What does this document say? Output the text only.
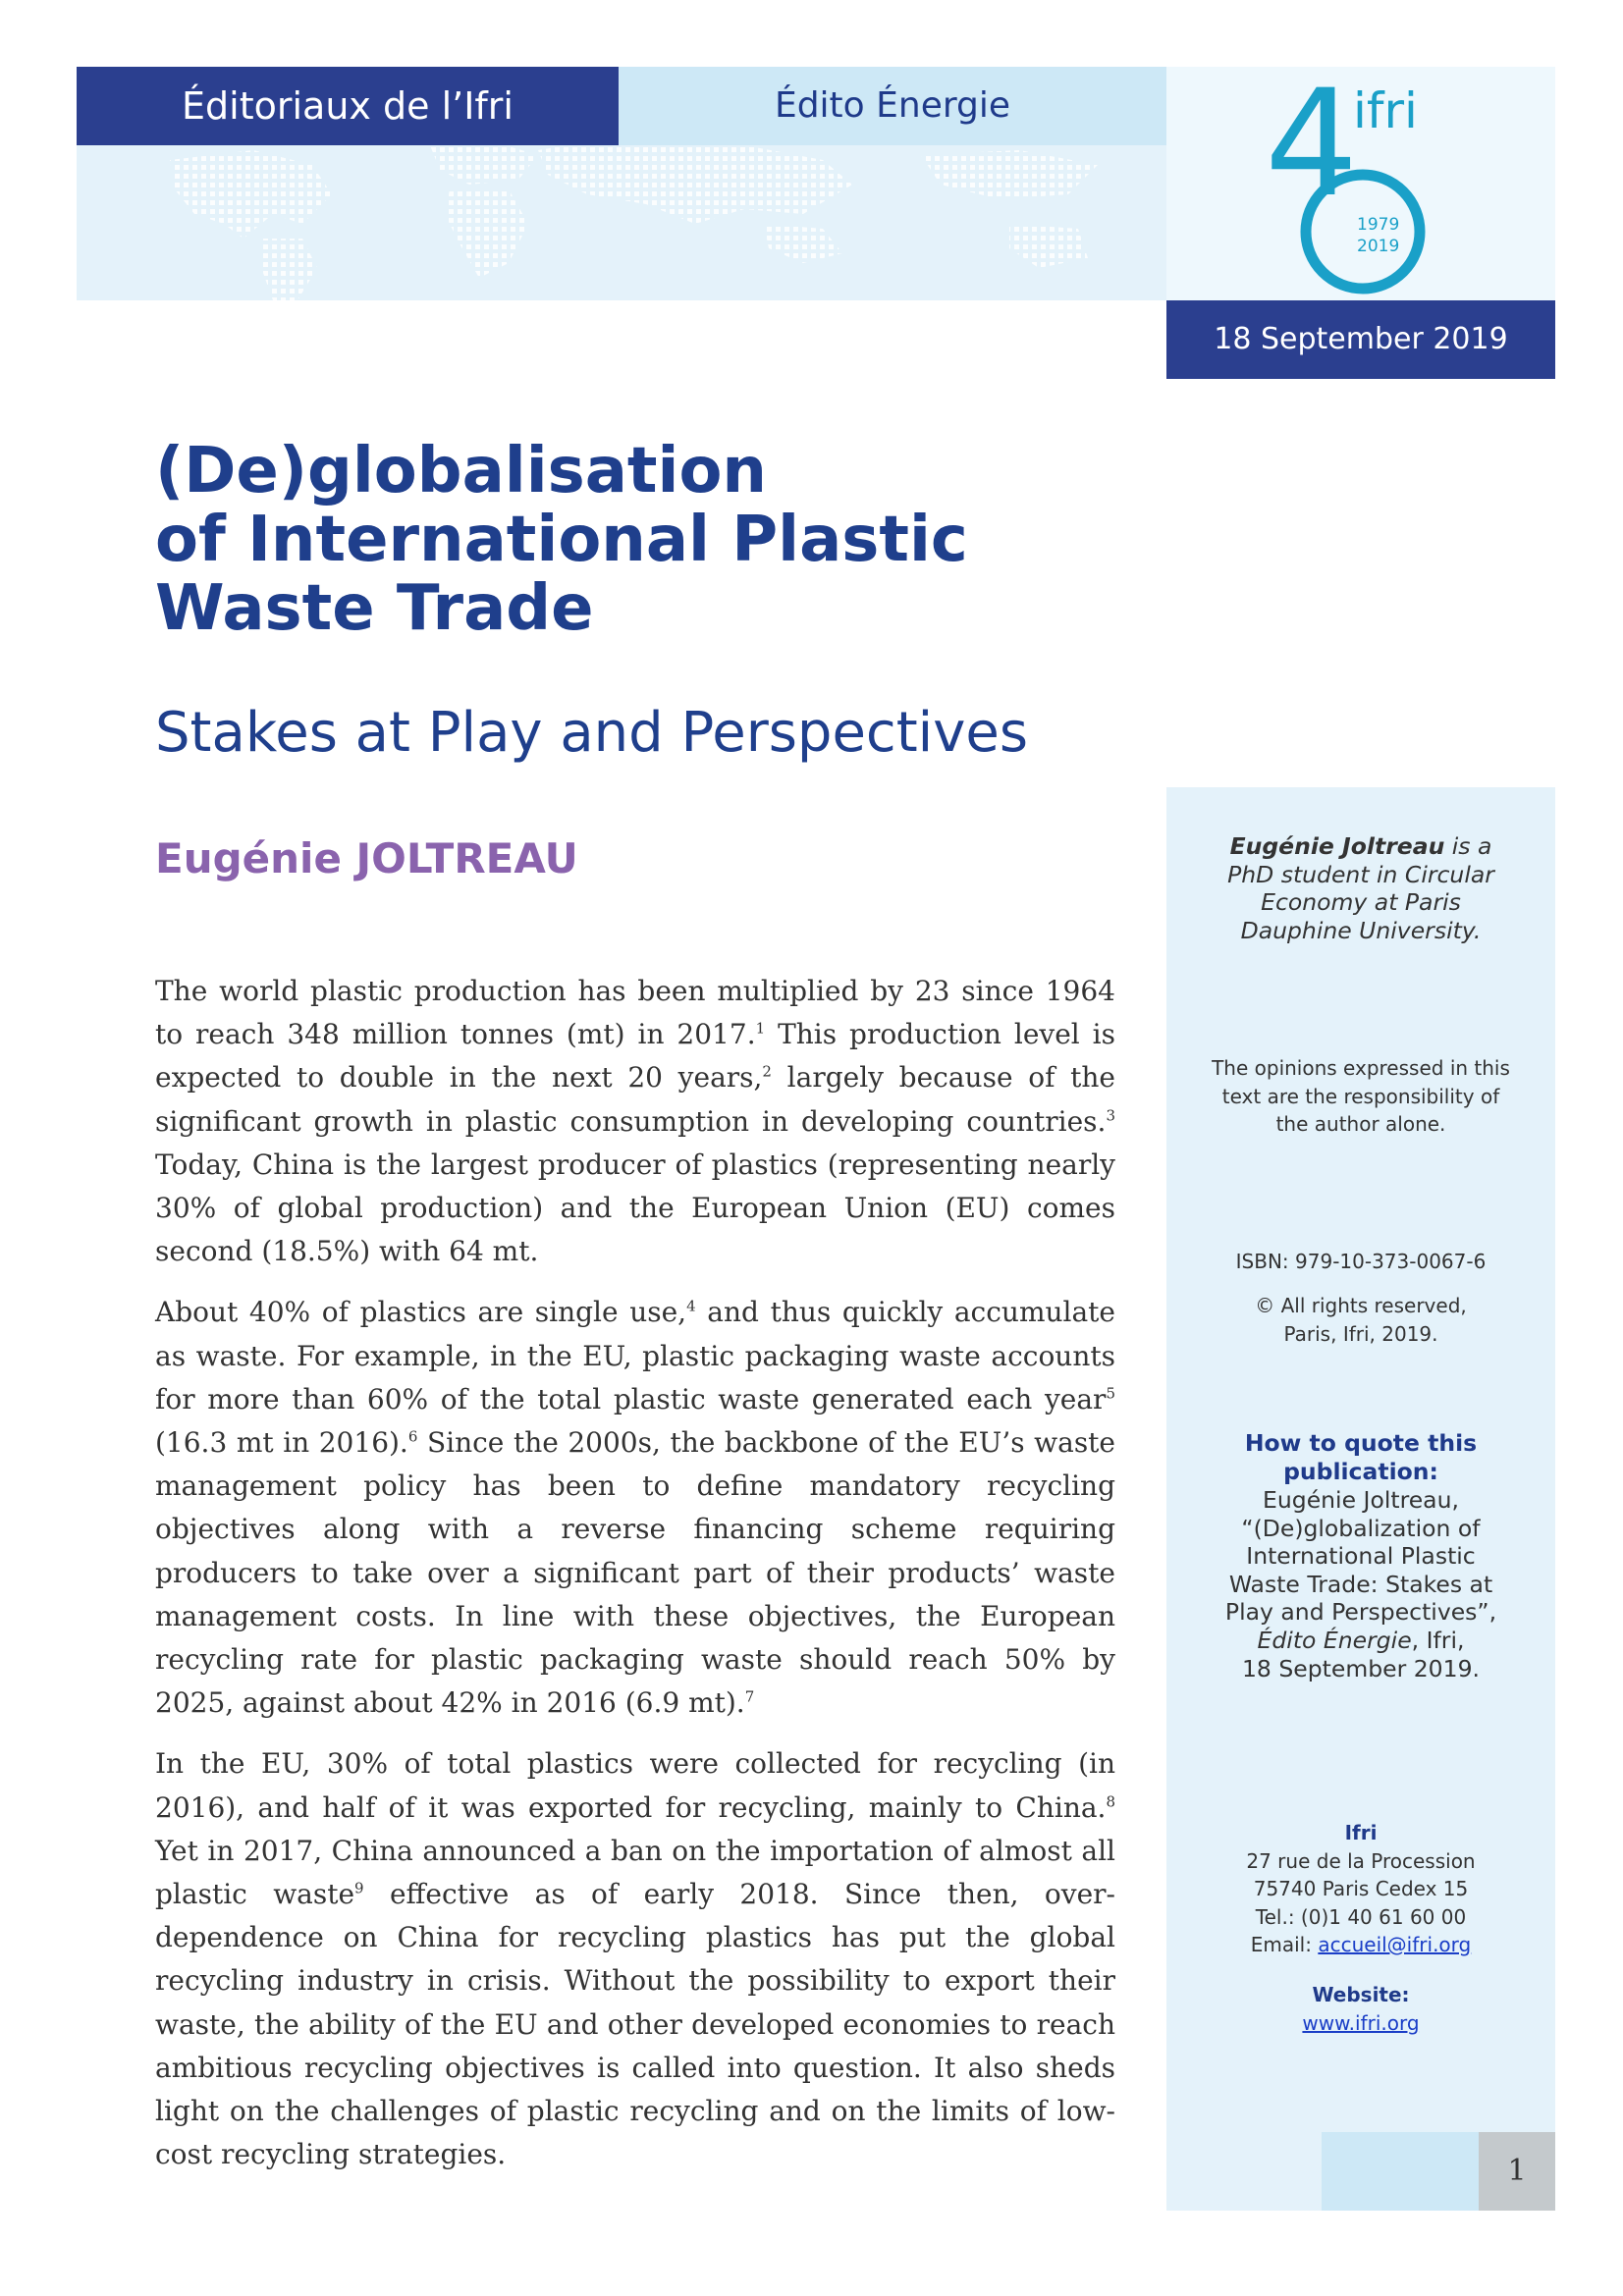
Éditoriaux de l’Ifri	Édito Énergie	4
ifri
1979
2019
18 September 2019
(De)globalisation
of International Plastic
Waste Trade
Stakes at Play and Perspectives
Eugénie JOLTREAU

The world plastic production has been multiplied by 23 since 1964 to reach 348 million tonnes (mt) in 2017.$^1$ This production level is expected to double in the next 20 years,$^2$ largely because of the significant growth in plastic consumption in developing countries.$^3$ Today, China is the largest producer of plastics (representing nearly 30% of global production) and the European Union (EU) comes second (18.5%) with 64 mt.

About 40% of plastics are single use,$^4$ and thus quickly accumulate as waste. For example, in the EU, plastic packaging waste accounts for more than 60% of the total plastic waste generated each year$^5$ (16.3 mt in 2016).$^6$ Since the 2000s, the backbone of the EU’s waste management policy has been to define mandatory recycling objectives along with a reverse financing scheme requiring producers to take over a significant part of their products’ waste management costs. In line with these objectives, the European recycling rate for plastic packaging waste should reach 50% by 2025, against about 42% in 2016 (6.9 mt).$^7$

In the EU, 30% of total plastics were collected for recycling (in 2016), and half of it was exported for recycling, mainly to China.$^8$ Yet in 2017, China announced a ban on the importation of almost all plastic waste$^9$ effective as of early 2018. Since then, over-dependence on China for recycling plastics has put the global recycling industry in crisis. Without the possibility to export their waste, the ability of the EU and other developed economies to reach ambitious recycling objectives is called into question. It also sheds light on the challenges of plastic recycling and on the limits of low-cost recycling strategies.

Eugénie Joltreau is a PhD student in Circular Economy at Paris Dauphine University.
The opinions expressed in this text are the responsibility of the author alone.
ISBN: 979-10-373-0067-6
© All rights reserved,
Paris, Ifri, 2019.
How to quote this publication:
Eugénie Joltreau, “(De)globalization of International Plastic Waste Trade: Stakes at Play and Perspectives”, Édito Énergie, Ifri,
18 September 2019.
Ifri
27 rue de la Procession
75740 Paris Cedex 15
Tel.: (0)1 40 61 60 00
Email: accueil@ifri.org
Website:
www.ifri.org
1
